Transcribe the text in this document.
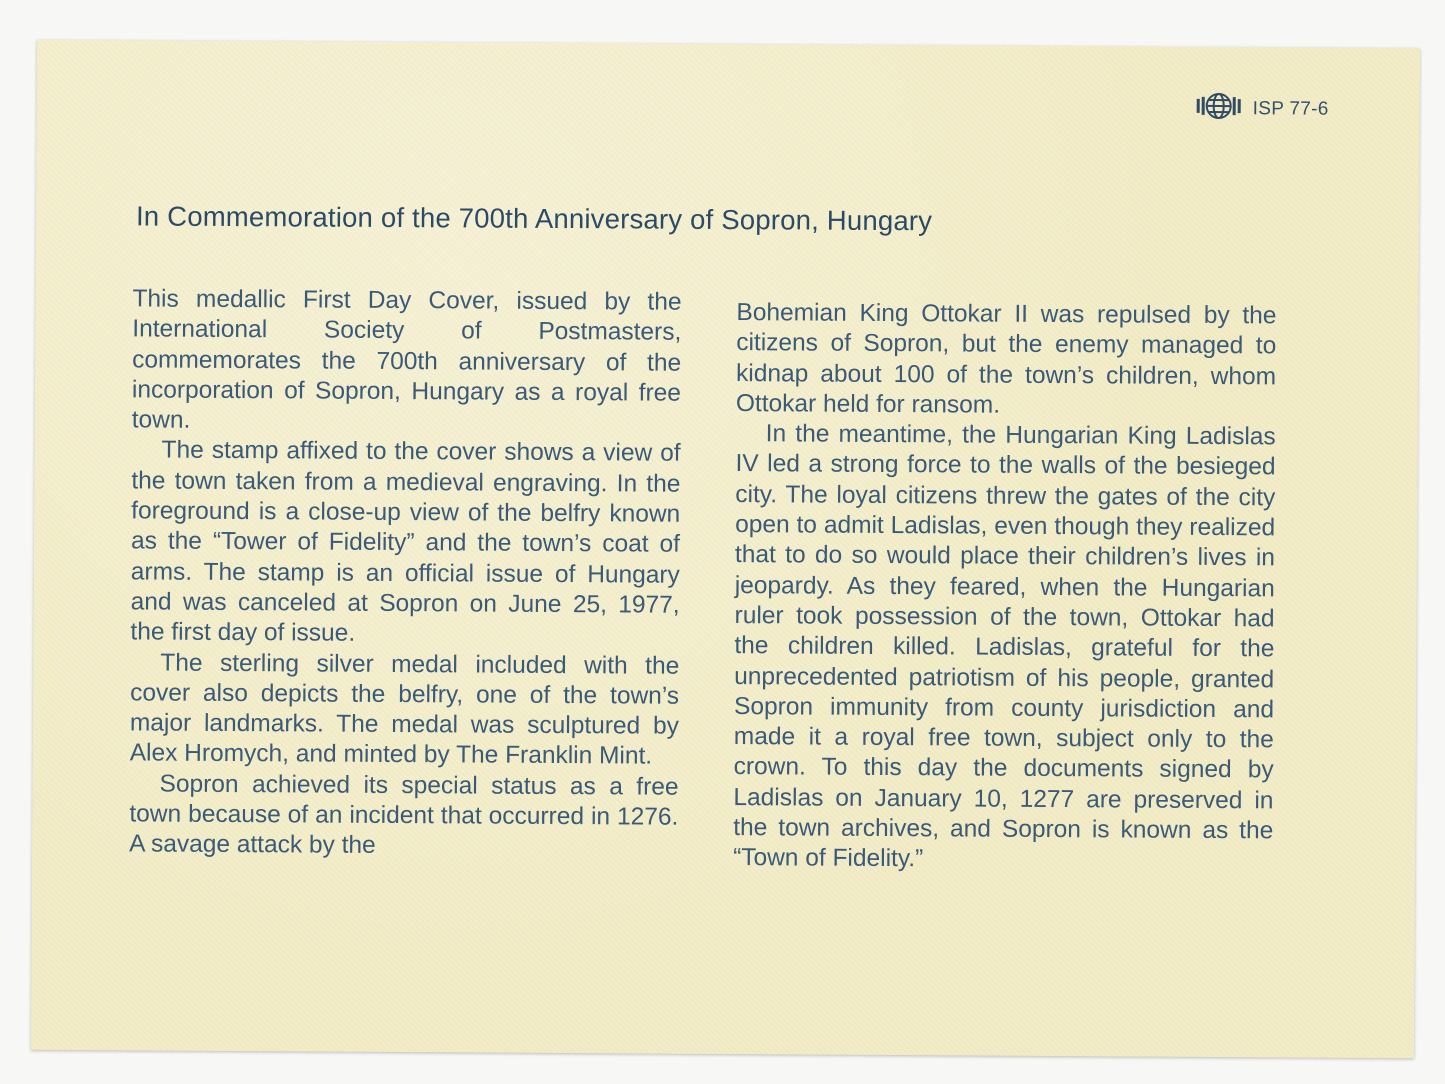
ISP 77-6
In Commemoration of the 700th Anniversary of Sopron, Hungary

This medallic First Day Cover, issued by the International Society of Postmasters, commemorates the 700th anniversary of the incorporation of Sopron, Hungary as a royal free town.

The stamp affixed to the cover shows a view of the town taken from a medieval engraving. In the foreground is a close-up view of the belfry known as the “Tower of Fidelity” and the town’s coat of arms. The stamp is an official issue of Hungary and was canceled at Sopron on June 25, 1977, the first day of issue.

The sterling silver medal included with the cover also depicts the belfry, one of the town’s major landmarks. The medal was sculptured by Alex Hromych, and minted by The Franklin Mint.

Sopron achieved its special status as a free town because of an incident that occurred in 1276. A savage attack by the

Bohemian King Ottokar II was repulsed by the citizens of Sopron, but the enemy managed to kidnap about 100 of the town’s children, whom Ottokar held for ransom.

In the meantime, the Hungarian King Ladislas IV led a strong force to the walls of the besieged city. The loyal citizens threw the gates of the city open to admit Ladislas, even though they realized that to do so would place their children’s lives in jeopardy. As they feared, when the Hungarian ruler took possession of the town, Ottokar had the children killed. Ladislas, grateful for the unprecedented patriotism of his people, granted Sopron immunity from county jurisdiction and made it a royal free town, subject only to the crown. To this day the documents signed by Ladislas on January 10, 1277 are preserved in the town archives, and Sopron is known as the “Town of Fidelity.”
